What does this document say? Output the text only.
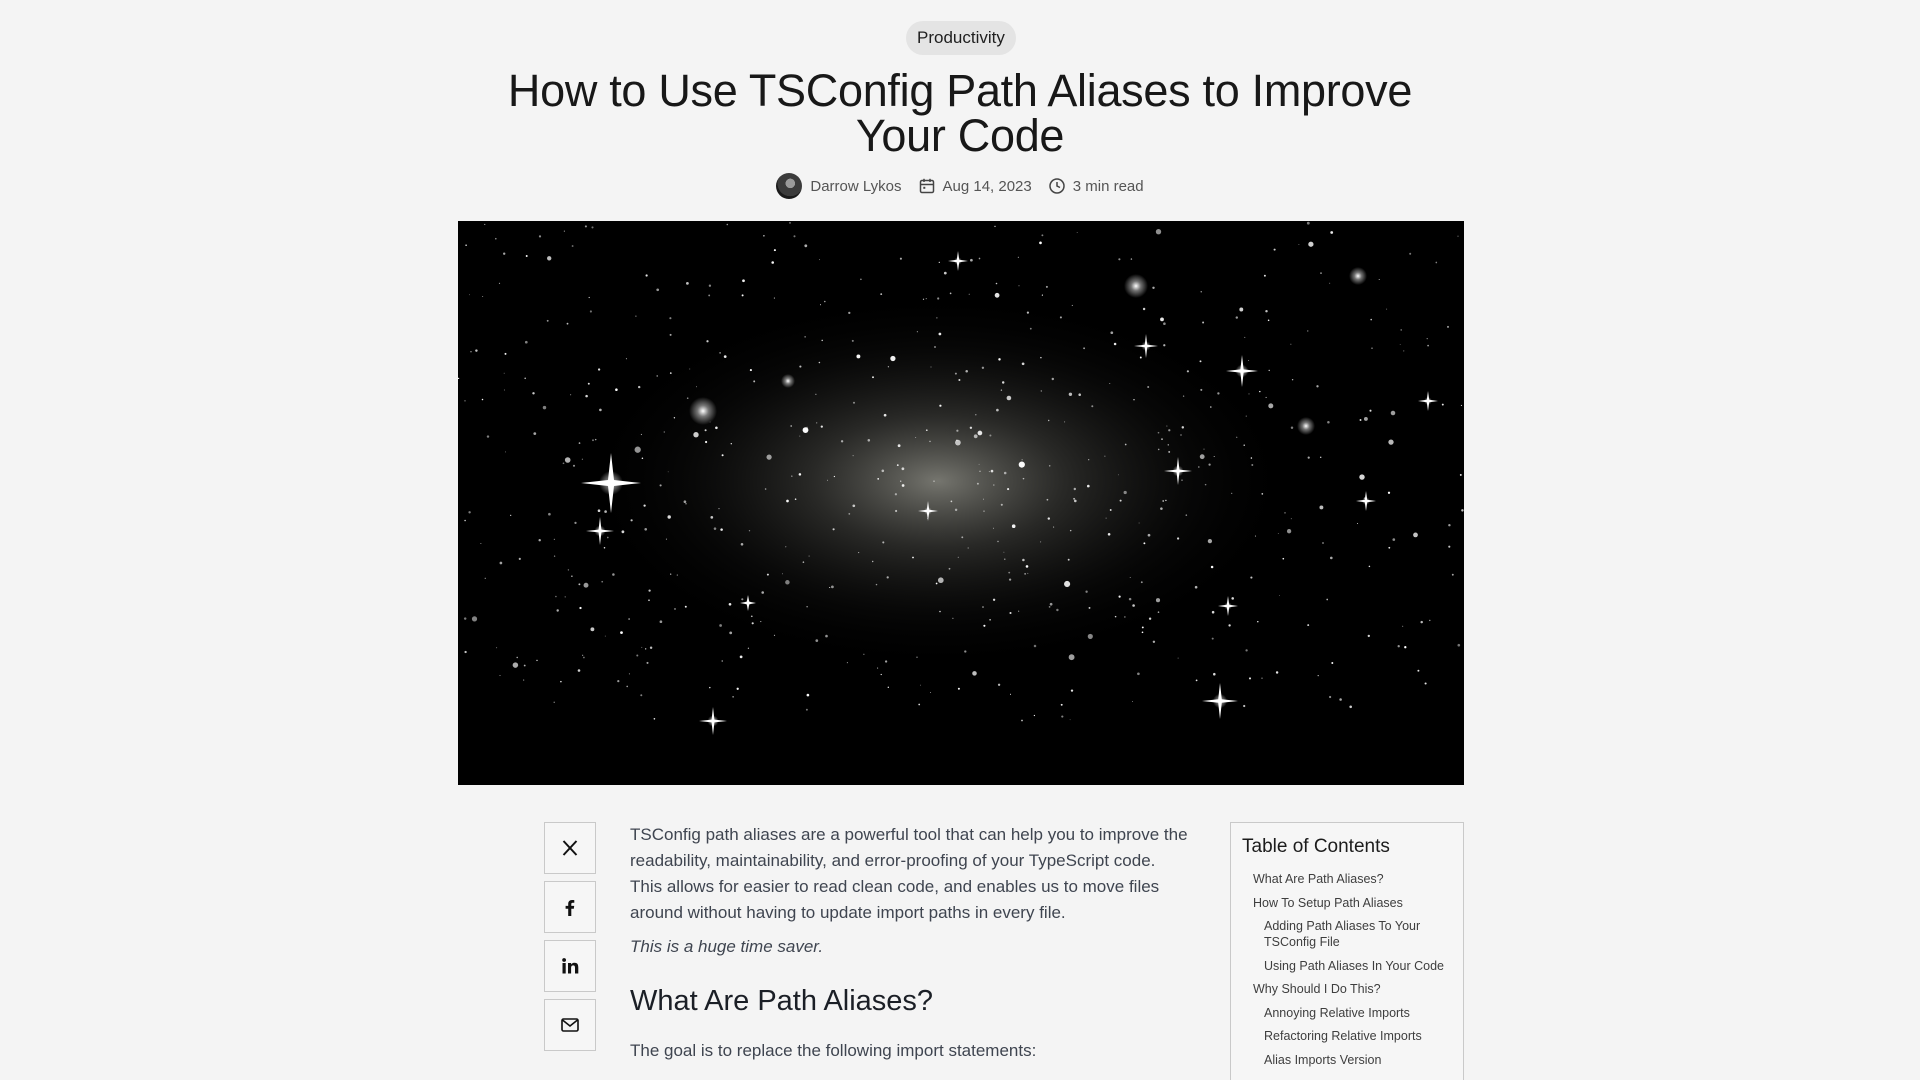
Productivity
How to Use TSConfig Path Aliases to Improve Your Code
Darrow Lykos	Aug 14, 2023	3 min read

TSConfig path aliases are a powerful tool that can help you to improve the readability, maintainability, and error-proofing of your TypeScript code. This allows for easier to read clean code, and enables us to move files around without having to update import paths in every file.

This is a huge time saver.

What Are Path Aliases?

The goal is to replace the following import statements:

Table of Contents
What Are Path Aliases?
How To Setup Path Aliases
Adding Path Aliases To Your TSConfig File
Using Path Aliases In Your Code
Why Should I Do This?
Annoying Relative Imports
Refactoring Relative Imports
Alias Imports Version
